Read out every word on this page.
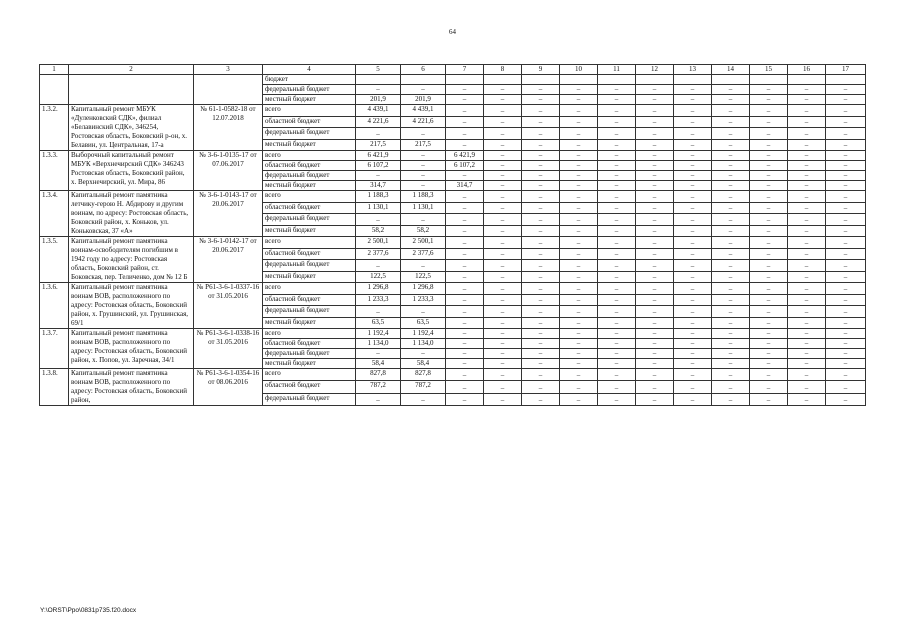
64
1	2	3	4	5	6	7	8	9	10	11	12	13	14	15	16	17
			бюджет													
			федеральный бюджет	–	–	–	–	–	–	–	–	–	–	–	–	–
			местный бюджет	201,9	201,9	–	–	–	–	–	–	–	–	–	–	–
1.3.2.	Капитальный ремонт МБУК «Дуленковский СДК», филиал «Белавинский СДК», 346254, Ростовская область, Боковский р-он, х. Белавин, ул. Центральная, 17-а	№ 61-1-0582-18 от 12.07.2018	всего	4 439,1	4 439,1	–	–	–	–	–	–	–	–	–	–	–
			областной бюджет	4 221,6	4 221,6	–	–	–	–	–	–	–	–	–	–	–
			федеральный бюджет	–	–	–	–	–	–	–	–	–	–	–	–	–
			местный бюджет	217,5	217,5	–	–	–	–	–	–	–	–	–	–	–
1.3.3.	Выборочный капитальный ремонт МБУК «Верхнечирский СДК» 346243 Ростовская область, Боковский район, х. Верхнечирский, ул. Мира, 86	№ 3-6-1-0135-17 от 07.06.2017	всего	6 421,9	–	6 421,9	–	–	–	–	–	–	–	–	–	–
			областной бюджет	6 107,2	–	6 107,2	–	–	–	–	–	–	–	–	–	–
			федеральный бюджет	–	–	–	–	–	–	–	–	–	–	–	–	–
			местный бюджет	314,7	–	314,7	–	–	–	–	–	–	–	–	–	–
1.3.4.	Капитальный ремонт памятника летчику-герою Н. Абдирову и другим воинам, по адресу: Ростовская область, Боковский район, х. Коньков, ул. Коньковская, 37 «А»	№ 3-6-1-0143-17 от 20.06.2017	всего	1 188,3	1 188,3	–	–	–	–	–	–	–	–	–	–	–
			областной бюджет	1 130,1	1 130,1	–	–	–	–	–	–	–	–	–	–	–
			федеральный бюджет	–	–	–	–	–	–	–	–	–	–	–	–	–
			местный бюджет	58,2	58,2	–	–	–	–	–	–	–	–	–	–	–
1.3.5.	Капитальный ремонт памятника воинам-освободителям погибшим в 1942 году по адресу: Ростовская область, Боковский район, ст. Боковская, пер. Теличенко, дом № 12 Б	№ 3-6-1-0142-17 от 20.06.2017	всего	2 500,1	2 500,1	–	–	–	–	–	–	–	–	–	–	–
			областной бюджет	2 377,6	2 377,6	–	–	–	–	–	–	–	–	–	–	–
			федеральный бюджет	–	–	–	–	–	–	–	–	–	–	–	–	–
			местный бюджет	122,5	122,5	–	–	–	–	–	–	–	–	–	–	–
1.3.6.	Капитальный ремонт памятника воинам ВОВ, расположенного по адресу: Ростовская область, Боковский район, х. Грушинский, ул. Грушинская, 69/1	№ Р61-3-6-1-0337-16 от 31.05.2016	всего	1 296,8	1 296,8	–	–	–	–	–	–	–	–	–	–	–
			областной бюджет	1 233,3	1 233,3	–	–	–	–	–	–	–	–	–	–	–
			федеральный бюджет	–	–	–	–	–	–	–	–	–	–	–	–	–
			местный бюджет	63,5	63,5	–	–	–	–	–	–	–	–	–	–	–
1.3.7.	Капитальный ремонт памятника воинам ВОВ, расположенного по адресу: Ростовская область, Боковский район, х. Попов, ул. Заречная, 34/1	№ Р61-3-6-1-0338-16 от 31.05.2016	всего	1 192,4	1 192,4	–	–	–	–	–	–	–	–	–	–	–
			областной бюджет	1 134,0	1 134,0	–	–	–	–	–	–	–	–	–	–	–
			федеральный бюджет	–	–	–	–	–	–	–	–	–	–	–	–	–
			местный бюджет	58,4	58,4	–	–	–	–	–	–	–	–	–	–	–
1.3.8.	Капитальный ремонт памятника воинам ВОВ, расположенного по адресу: Ростовская область, Боковский район,	№ Р61-3-6-1-0354-16 от 08.06.2016	всего	827,8	827,8	–	–	–	–	–	–	–	–	–	–	–
			областной бюджет	787,2	787,2	–	–	–	–	–	–	–	–	–	–	–
			федеральный бюджет	–	–	–	–	–	–	–	–	–	–	–	–	–
Y:\ORST\Ppo\0831p735.f20.docx
